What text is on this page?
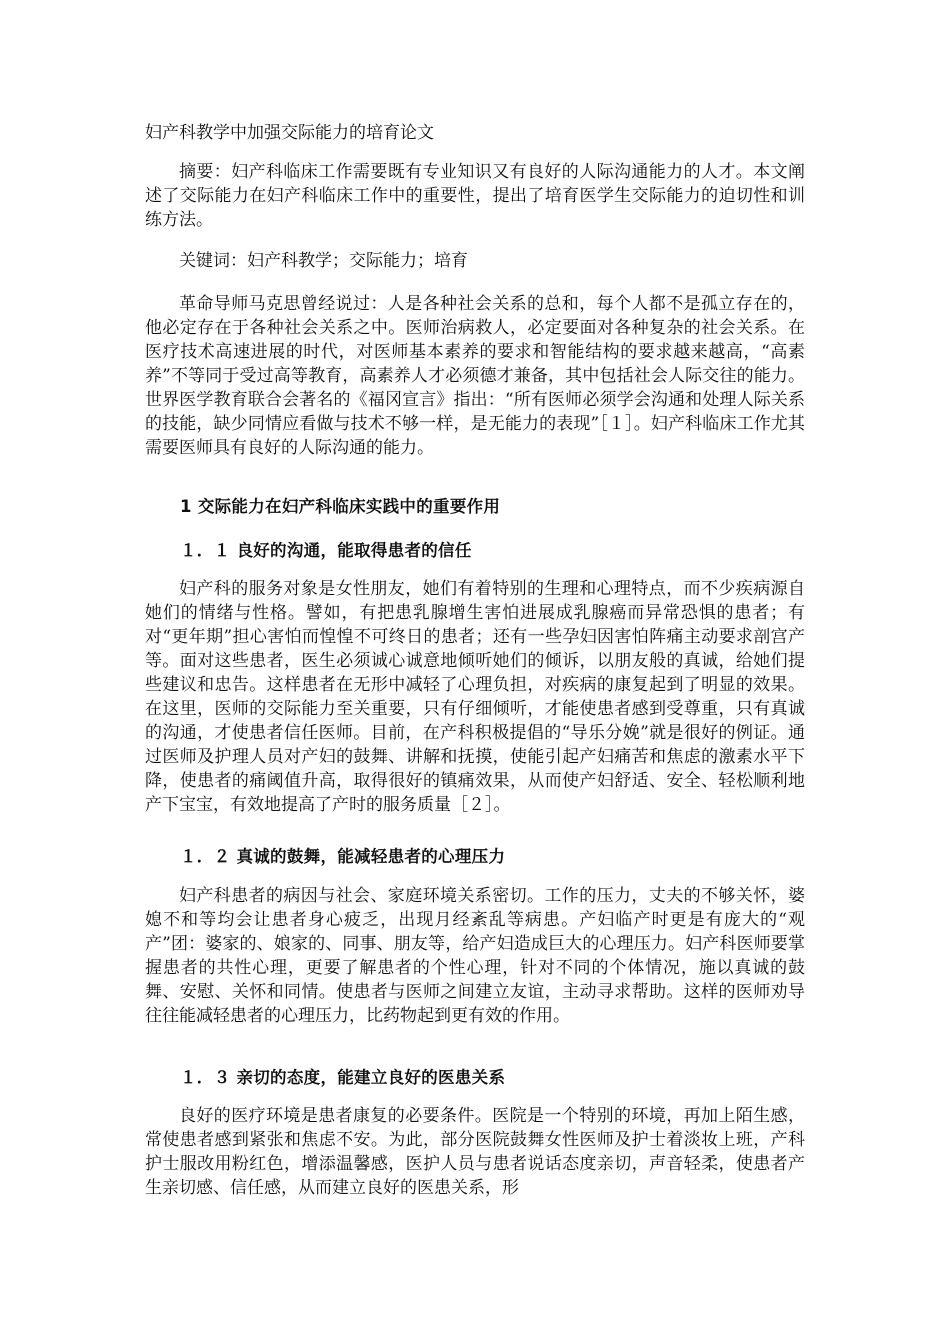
妇产科教学中加强交际能力的培育论文

摘要：妇产科临床工作需要既有专业知识又有良好的人际沟通能力的人才。本文阐述了交际能力在妇产科临床工作中的重要性，提出了培育医学生交际能力的迫切性和训练方法。

关键词：妇产科教学；交际能力；培育

革命导师马克思曾经说过：人是各种社会关系的总和，每个人都不是孤立存在的，他必定存在于各种社会关系之中。医师治病救人，必定要面对各种复杂的社会关系。在医疗技术高速进展的时代，对医师基本素养的要求和智能结构的要求越来越高，“高素养”不等同于受过高等教育，高素养人才必须德才兼备，其中包括社会人际交往的能力。世界医学教育联合会著名的《福冈宣言》指出：“所有医师必须学会沟通和处理人际关系的技能，缺少同情应看做与技术不够一样，是无能力的表现”［１］。妇产科临床工作尤其需要医师具有良好的人际沟通的能力。

1 交际能力在妇产科临床实践中的重要作用
１．１ 良好的沟通，能取得患者的信任

妇产科的服务对象是女性朋友，她们有着特别的生理和心理特点，而不少疾病源自她们的情绪与性格。譬如，有把患乳腺增生害怕进展成乳腺癌而异常恐惧的患者；有对“更年期”担心害怕而惶惶不可终日的患者；还有一些孕妇因害怕阵痛主动要求剖宫产等。面对这些患者，医生必须诚心诚意地倾听她们的倾诉，以朋友般的真诚，给她们提些建议和忠告。这样患者在无形中减轻了心理负担，对疾病的康复起到了明显的效果。在这里，医师的交际能力至关重要，只有仔细倾听，才能使患者感到受尊重，只有真诚的沟通，才使患者信任医师。目前，在产科积极提倡的“导乐分娩”就是很好的例证。通过医师及护理人员对产妇的鼓舞、讲解和抚摸，使能引起产妇痛苦和焦虑的激素水平下降，使患者的痛阈值升高，取得很好的镇痛效果，从而使产妇舒适、安全、轻松顺利地产下宝宝，有效地提高了产时的服务质量［２］。

１．２ 真诚的鼓舞，能减轻患者的心理压力

妇产科患者的病因与社会、家庭环境关系密切。工作的压力，丈夫的不够关怀，婆媳不和等均会让患者身心疲乏，出现月经紊乱等病患。产妇临产时更是有庞大的“观产”团：婆家的、娘家的、同事、朋友等，给产妇造成巨大的心理压力。妇产科医师要掌握患者的共性心理，更要了解患者的个性心理，针对不同的个体情况，施以真诚的鼓舞、安慰、关怀和同情。使患者与医师之间建立友谊，主动寻求帮助。这样的医师劝导往往能减轻患者的心理压力，比药物起到更有效的作用。

１．３ 亲切的态度，能建立良好的医患关系

良好的医疗环境是患者康复的必要条件。医院是一个特别的环境，再加上陌生感，常使患者感到紧张和焦虑不安。为此，部分医院鼓舞女性医师及护士着淡妆上班，产科护士服改用粉红色，增添温馨感，医护人员与患者说话态度亲切，声音轻柔，使患者产生亲切感、信任感，从而建立良好的医患关系，形
